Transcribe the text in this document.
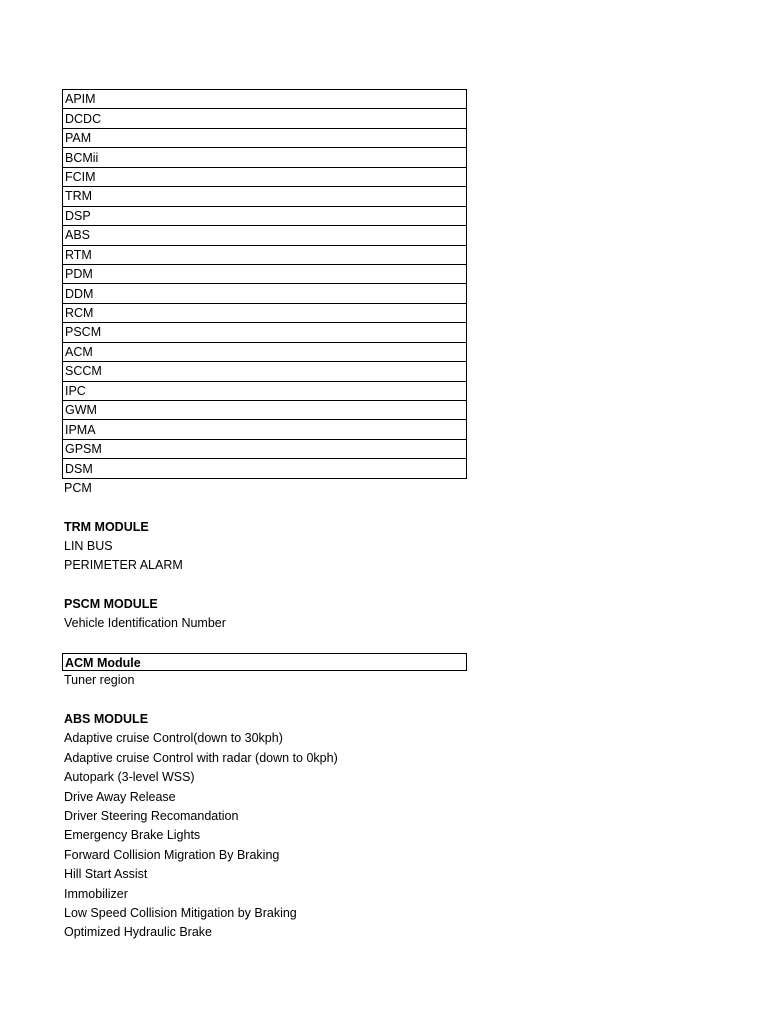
APIM
DCDC
PAM
BCMii
FCIM
TRM
DSP
ABS
RTM
PDM
DDM
RCM
PSCM
ACM
SCCM
IPC
GWM
IPMA
GPSM
DSM
PCM
TRM MODULE
LIN BUS
PERIMETER ALARM
PSCM MODULE
Vehicle Identification Number
ACM Module
Tuner region
ABS MODULE
Adaptive cruise Control(down to 30kph)
Adaptive cruise Control with radar (down to 0kph)
Autopark (3-level WSS)
Drive Away Release
Driver Steering Recomandation
Emergency Brake Lights
Forward Collision Migration By Braking
Hill Start Assist
Immobilizer
Low Speed Collision Mitigation by Braking
Optimized Hydraulic Brake
